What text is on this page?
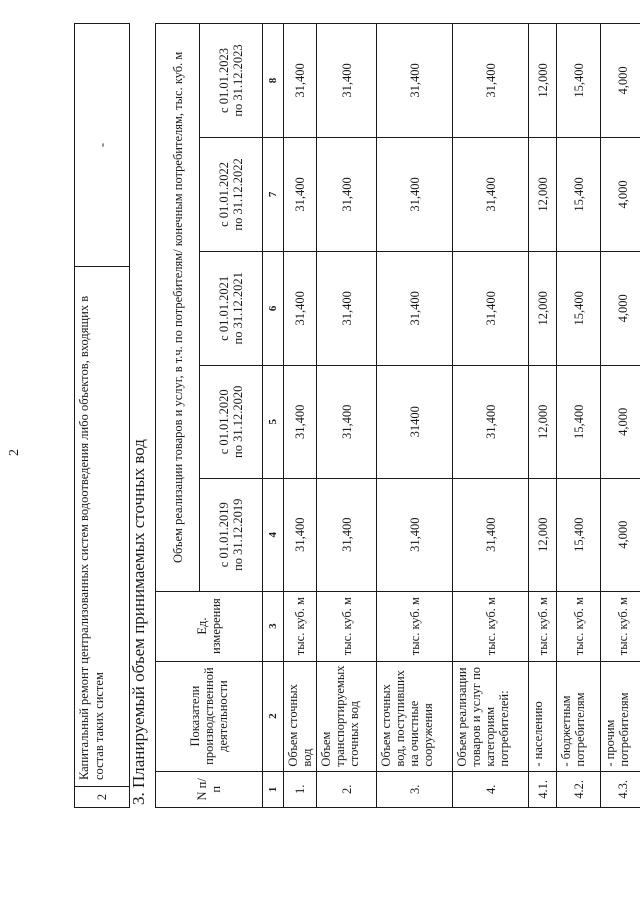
2
2	Капитальный ремонт централизованных систем водоотведения либо объектов, входящих в состав таких систем	-
3. Планируемый объем принимаемых сточных вод	N п/п	Показатели производственной деятельности	Ед. измерения	Объем реализации товаров и услуг, в т.ч. по потребителям/ конечным потребителям, тыс. куб. м				

			с 01.01.2019 по 31.12.2019	с 01.01.2020 по 31.12.2020	с 01.01.2021 по 31.12.2021	с 01.01.2022 по 31.12.2022	с 01.01.2023 по 31.12.2023

1	2	3	4	5	6	7	8
1.	Объем сточных вод	тыс. куб. м	31,400	31,400	31,400	31,400	31,400
2.	Объем транспортируемых сточных вод	тыс. куб. м	31,400	31,400	31,400	31,400	31,400
3.	Объем сточных вод, поступивших на очистные сооружения	тыс. куб. м	31,400	31400	31,400	31,400	31,400
4.	Объем реализации товаров и услуг по категориям потребителей:	тыс. куб. м	31,400	31,400	31,400	31,400	31,400
4.1.	- населению	тыс. куб. м	12,000	12,000	12,000	12,000	12,000
4.2.	- бюджетным потребителям	тыс. куб. м	15,400	15,400	15,400	15,400	15,400
4.3.	- прочим потребителям	тыс. куб. м	4,000	4,000	4,000	4,000	4,000
